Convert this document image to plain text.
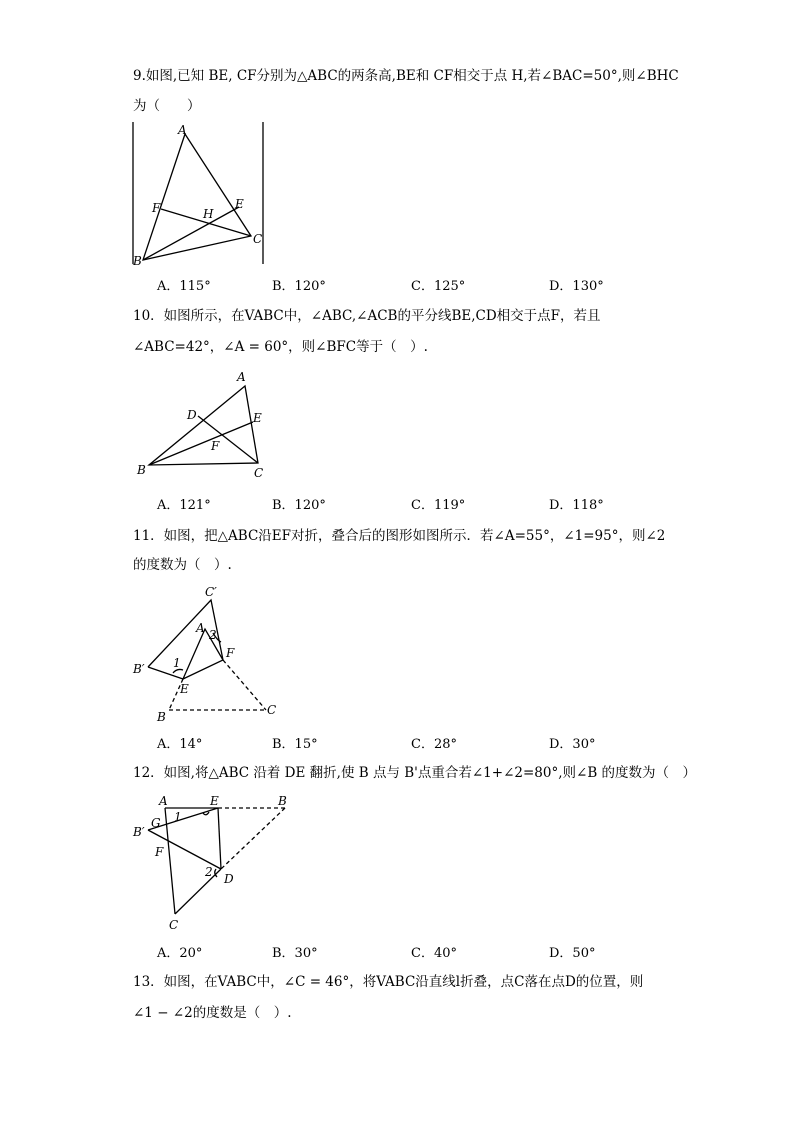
9.如图,已知 BE, CF分别为△ABC的两条高,BE和 CF相交于点 H,若∠BAC=50°,则∠BHC
为（　　）
A
B
C
E
F	H
A．115°	B．120°	C．125°	D．130°
10．如图所示，在VABC中，∠ABC,∠ACB的平分线BE,CD相交于点F，若且
∠ABC=42°，∠A = 60°，则∠BFC等于（　）.
A
B	C
D	E
F
A．121°	B．120°	C．119°	D．118°
11．如图，把△ABC沿EF对折，叠合后的图形如图所示．若∠A=55°，∠1=95°，则∠2
的度数为（　）.
C′
A 2
B′ 1
F
E
B	C
A．14°	B．15°	C．28°	D．30°
12．如图,将△ABC 沿着 DE 翻折,使 B 点与 B'点重合若∠1+∠2=80°,则∠B 的度数为（　）
A	E	B
B′
G 1
F
2 D
C
A．20°	B．30°	C．40°	D．50°
13．如图，在VABC中，∠C = 46°，将VABC沿直线l折叠，点C落在点D的位置，则
∠1 − ∠2的度数是（　）.
